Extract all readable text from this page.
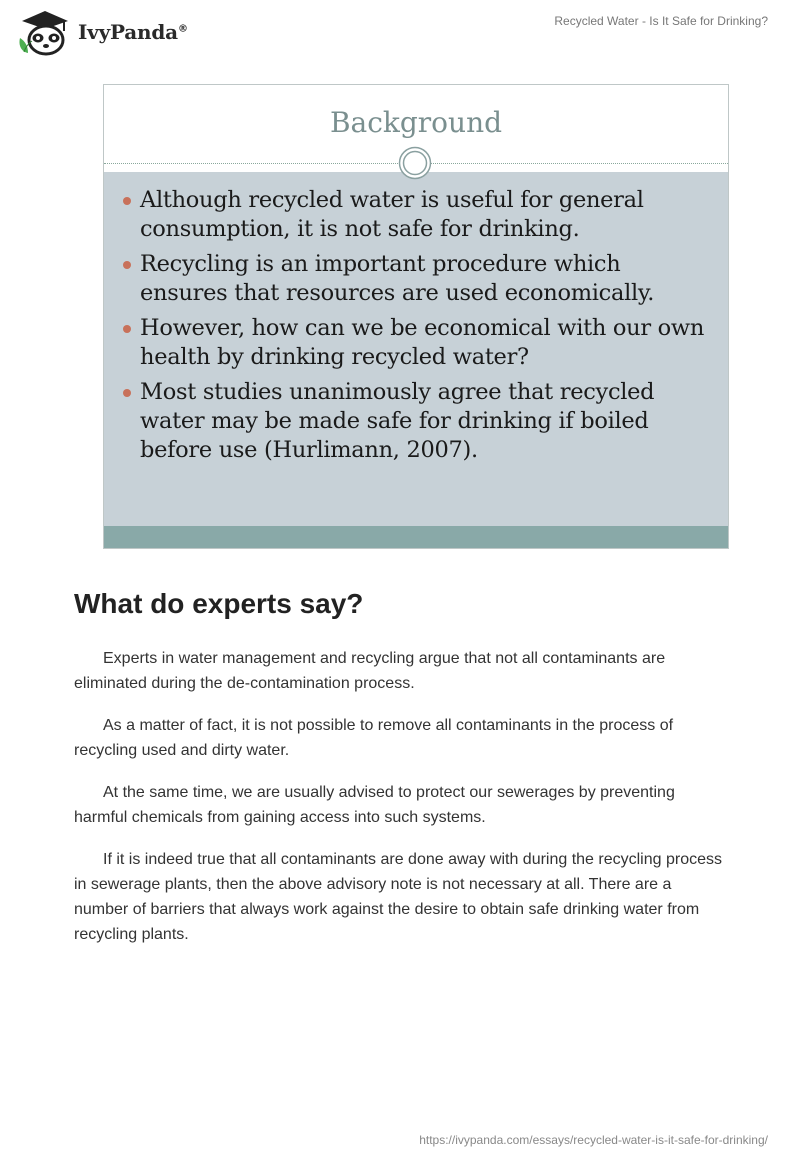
IvyPanda®
Recycled Water - Is It Safe for Drinking?
Background
Although recycled water is useful for general consumption, it is not safe for drinking.
Recycling is an important procedure which ensures that resources are used economically.
However, how can we be economical with our own health by drinking recycled water?
Most studies unanimously agree that recycled water may be made safe for drinking if boiled before use (Hurlimann, 2007).
What do experts say?

Experts in water management and recycling argue that not all contaminants are eliminated during the de-contamination process.

As a matter of fact, it is not possible to remove all contaminants in the process of recycling used and dirty water.

At the same time, we are usually advised to protect our sewerages by preventing harmful chemicals from gaining access into such systems.

If it is indeed true that all contaminants are done away with during the recycling process in sewerage plants, then the above advisory note is not necessary at all. There are a number of barriers that always work against the desire to obtain safe drinking water from recycling plants.

https://ivypanda.com/essays/recycled-water-is-it-safe-for-drinking/
